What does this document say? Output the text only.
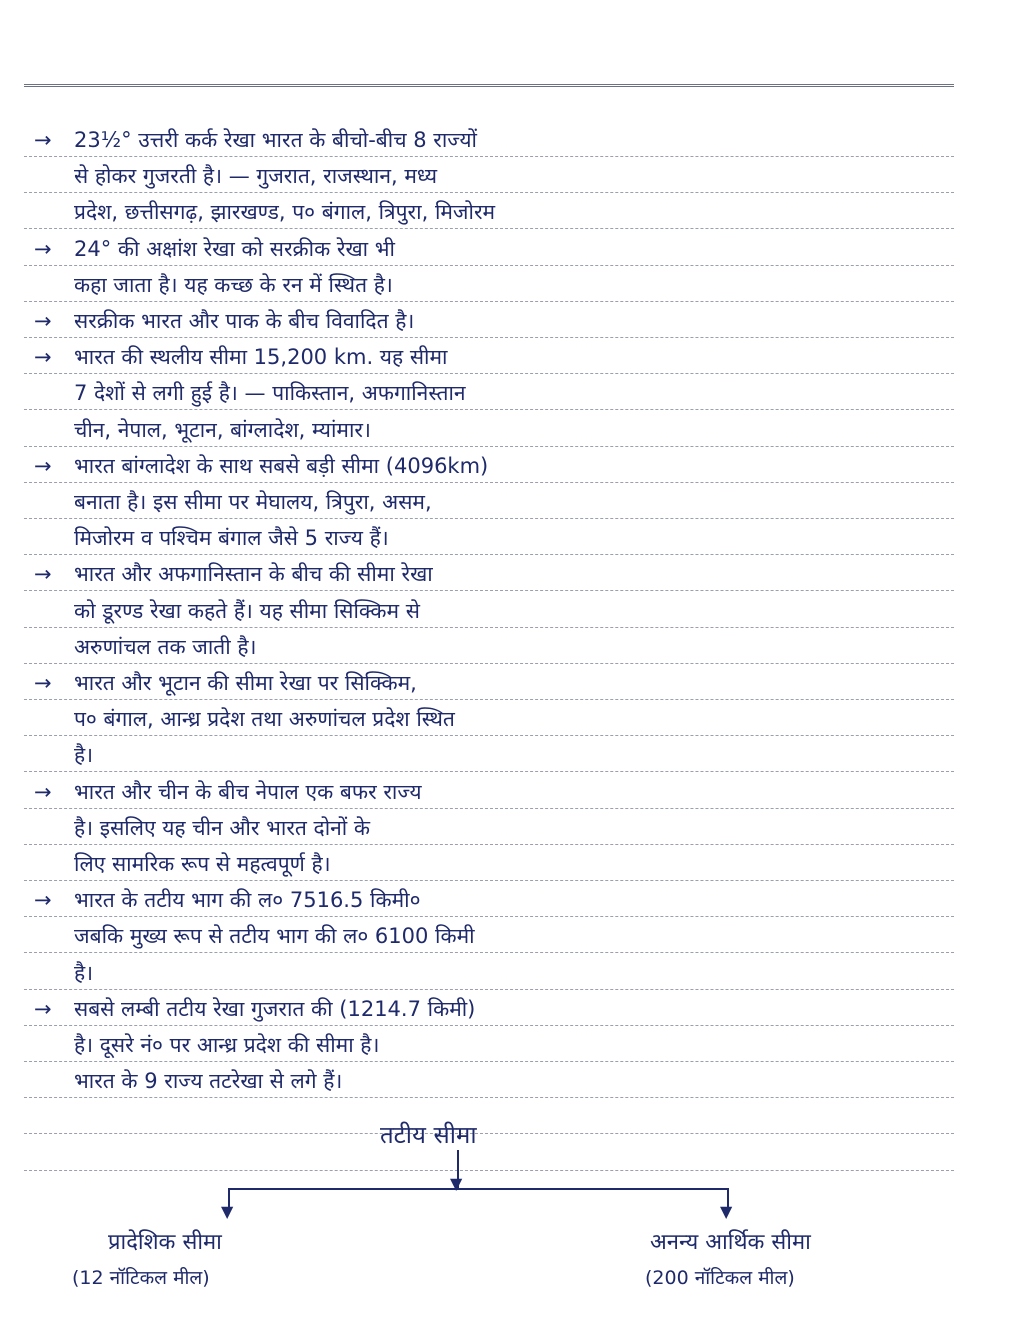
→ 23½° उत्तरी कर्क रेखा भारत के बीचो-बीच 8 राज्यों
से होकर गुजरती है। — गुजरात, राजस्थान, मध्य
प्रदेश, छत्तीसगढ़, झारखण्ड, प० बंगाल, त्रिपुरा, मिजोरम
→ 24° की अक्षांश रेखा को सरक्रीक रेखा भी
कहा जाता है। यह कच्छ के रन में स्थित है।
→ सरक्रीक भारत और पाक के बीच विवादित है।
→ भारत की स्थलीय सीमा 15,200 km. यह सीमा
7 देशों से लगी हुई है। — पाकिस्तान, अफगानिस्तान
चीन, नेपाल, भूटान, बांग्लादेश, म्यांमार।
→ भारत बांग्लादेश के साथ सबसे बड़ी सीमा (4096km)
बनाता है। इस सीमा पर मेघालय, त्रिपुरा, असम,
मिजोरम व पश्चिम बंगाल जैसे 5 राज्य हैं।
→ भारत और अफगानिस्तान के बीच की सीमा रेखा
को डूरण्ड रेखा कहते हैं। यह सीमा सिक्किम से
अरुणांचल तक जाती है।
→ भारत और भूटान की सीमा रेखा पर सिक्किम,
प० बंगाल, आन्ध्र प्रदेश तथा अरुणांचल प्रदेश स्थित
है।
→ भारत और चीन के बीच नेपाल एक बफर राज्य
है। इसलिए यह चीन और भारत दोनों के
लिए सामरिक रूप से महत्वपूर्ण है।
→ भारत के तटीय भाग की ल० 7516.5 किमी०
जबकि मुख्य रूप से तटीय भाग की ल० 6100 किमी
है।
→ सबसे लम्बी तटीय रेखा गुजरात की (1214.7 किमी)
है। दूसरे नं० पर आन्ध्र प्रदेश की सीमा है।
भारत के 9 राज्य तटरेखा से लगे हैं।
तटीय सीमा
▼
▼	▼
प्रादेशिक सीमा
(12 नॉटिकल मील)
अनन्य आर्थिक सीमा
(200 नॉटिकल मील)
